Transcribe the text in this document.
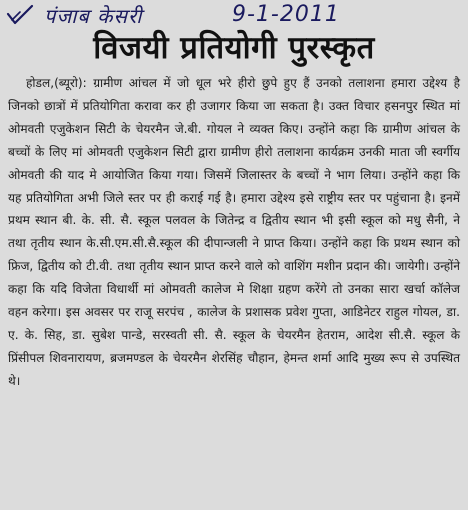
पंजाब केसरी	9-1-2011
विजयी प्रतियोगी पुरस्कृत

होडल,(ब्यूरो): ग्रामीण आंचल में जो धूल भरे हीरो छुपे हुए हैं उनको तलाशना हमारा उद्देश्य है जिनको छात्रों में प्रतियोगिता करावा कर ही उजागर किया जा सकता है। उक्त विचार हसनपुर स्थित मां ओमवती एजुकेशन सिटी के चेयरमैन जे.बी. गोयल ने व्यक्त किए। उन्होंने कहा कि ग्रामीण आंचल के बच्चों के लिए मां ओमवती एजुकेशन सिटी द्वारा ग्रामीण हीरो तलाशना कार्यक्रम उनकी माता जी स्वर्गीय ओमवती की याद मे आयोजित किया गया। जिसमें जिलास्तर के बच्चों ने भाग लिया। उन्होंने कहा कि यह प्रतियोगिता अभी जिले स्तर पर ही कराई गई है। हमारा उद्देश्य इसे राष्ट्रीय स्तर पर पहुंचाना है। इनमें प्रथम स्थान बी. के. सी. सै. स्कूल पलवल के जितेन्द्र व द्वितीय स्थान भी इसी स्कूल को मधु सैनी, ने तथा तृतीय स्थान के.सी.एम.सी.सै.स्कूल की दीपान्जली ने प्राप्त किया। उन्होंने कहा कि प्रथम स्थान को फ्रिज, द्वितीय को टी.वी. तथा तृतीय स्थान प्राप्त करने वाले को वाशिंग मशीन प्रदान की। जायेगी। उन्होंने कहा कि यदि विजेता विधार्थी मां ओमवती कालेज मे शिक्षा ग्रहण करेंगे तो उनका सारा खर्चा कॉलेज वहन करेगा। इस अवसर पर राजू सरपंच , कालेज के प्रशासक प्रवेश गुप्ता, आडिनेटर राहुल गोयल, डा. ए. के. सिह, डा. सुबेश पान्डे, सरस्वती सी. सै. स्कूल के चेयरमैन हेतराम, आदेश सी.सै. स्कूल के प्रिंसीपल शिवनारायण, ब्रजमण्डल के चेयरमैन शेरसिंह चौहान, हेमन्त शर्मा आदि मुख्य रूप से उपस्थित थे।
